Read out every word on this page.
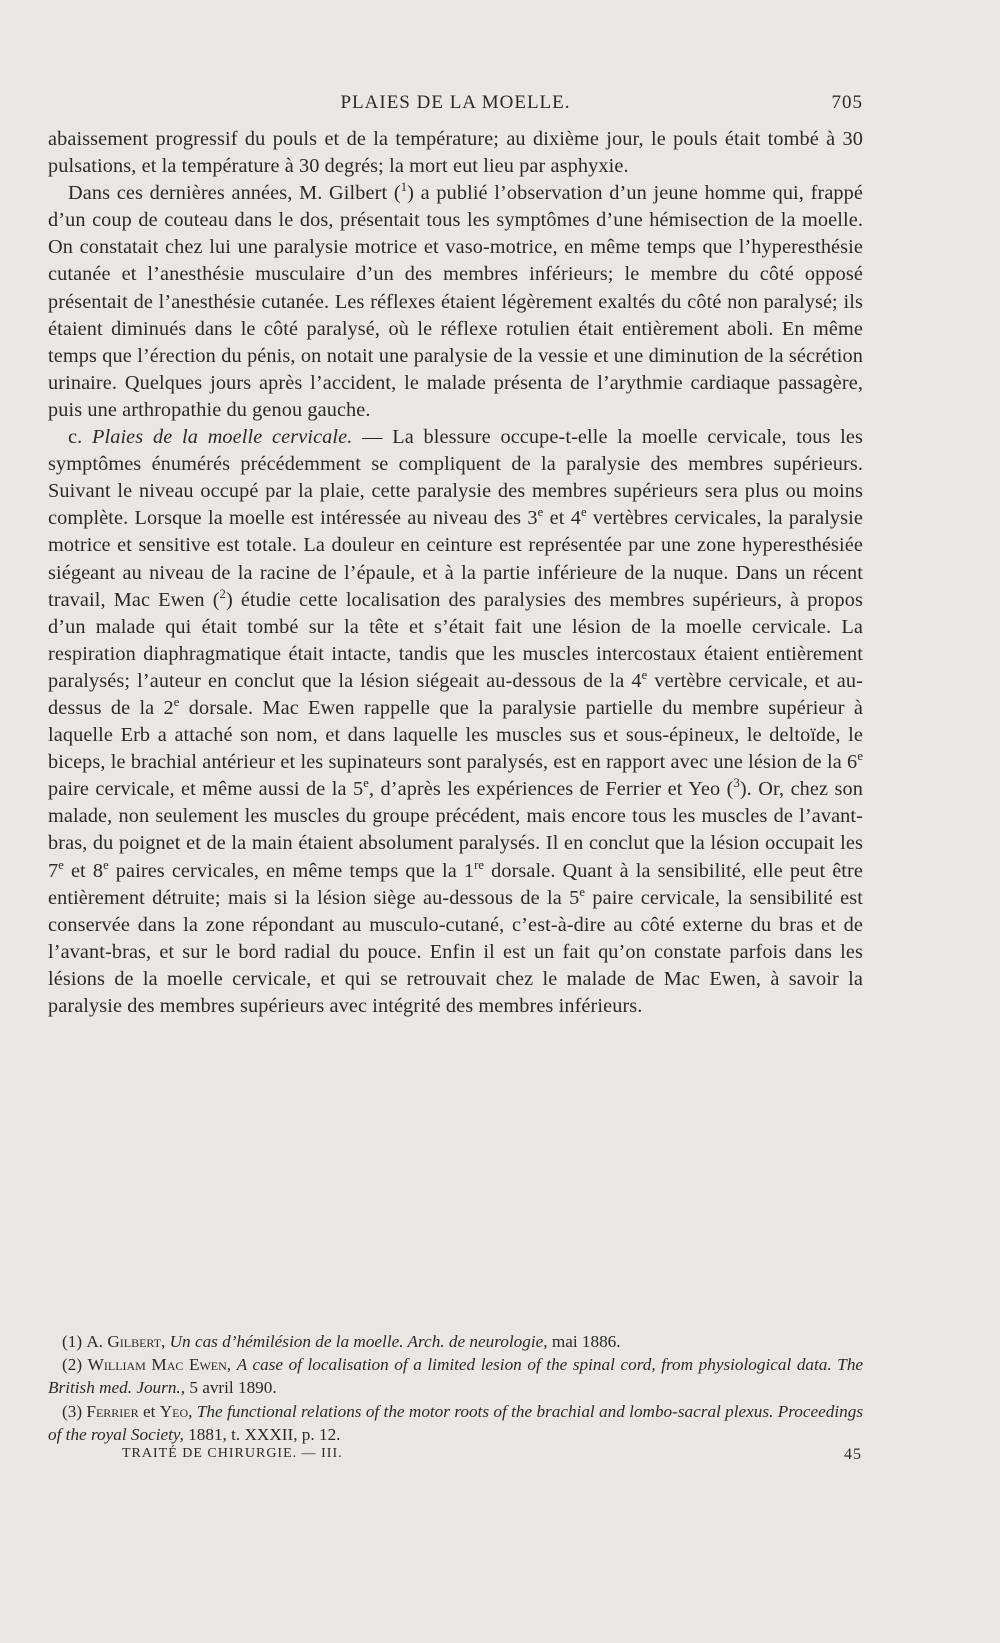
PLAIES DE LA MOELLE.	705

abaissement progressif du pouls et de la température; au dixième jour, le pouls était tombé à 30 pulsations, et la température à 30 degrés; la mort eut lieu par asphyxie.

Dans ces dernières années, M. Gilbert ($^1$) a publié l’observation d’un jeune homme qui, frappé d’un coup de couteau dans le dos, présentait tous les symptômes d’une hémisection de la moelle. On constatait chez lui une paralysie motrice et vaso-motrice, en même temps que l’hyperesthésie cutanée et l’anesthésie musculaire d’un des membres inférieurs; le membre du côté opposé présentait de l’anesthésie cutanée. Les réflexes étaient légèrement exaltés du côté non paralysé; ils étaient diminués dans le côté paralysé, où le réflexe rotulien était entièrement aboli. En même temps que l’érection du pénis, on notait une paralysie de la vessie et une diminution de la sécrétion urinaire. Quelques jours après l’accident, le malade présenta de l’arythmie cardiaque passagère, puis une arthropathie du genou gauche.

c. Plaies de la moelle cervicale. — La blessure occupe-t-elle la moelle cervicale, tous les symptômes énumérés précédemment se compliquent de la paralysie des membres supérieurs. Suivant le niveau occupé par la plaie, cette paralysie des membres supérieurs sera plus ou moins complète. Lorsque la moelle est intéressée au niveau des 3e et 4e vertèbres cervicales, la paralysie motrice et sensitive est totale. La douleur en ceinture est représentée par une zone hyperesthésiée siégeant au niveau de la racine de l’épaule, et à la partie inférieure de la nuque. Dans un récent travail, Mac Ewen ($^2$) étudie cette localisation des paralysies des membres supérieurs, à propos d’un malade qui était tombé sur la tête et s’était fait une lésion de la moelle cervicale. La respiration diaphragmatique était intacte, tandis que les muscles intercostaux étaient entièrement paralysés; l’auteur en conclut que la lésion siégeait au-dessous de la 4e vertèbre cervicale, et au-dessus de la 2e dorsale. Mac Ewen rappelle que la paralysie partielle du membre supérieur à laquelle Erb a attaché son nom, et dans laquelle les muscles sus et sous-épineux, le deltoïde, le biceps, le brachial antérieur et les supinateurs sont paralysés, est en rapport avec une lésion de la 6e paire cervicale, et même aussi de la 5e, d’après les expériences de Ferrier et Yeo ($^3$). Or, chez son malade, non seulement les muscles du groupe précédent, mais encore tous les muscles de l’avant-bras, du poignet et de la main étaient absolument paralysés. Il en conclut que la lésion occupait les 7e et 8e paires cervicales, en même temps que la 1re dorsale. Quant à la sensibilité, elle peut être entièrement détruite; mais si la lésion siège au-dessous de la 5e paire cervicale, la sensibilité est conservée dans la zone répondant au musculo-cutané, c’est-à-dire au côté externe du bras et de l’avant-bras, et sur le bord radial du pouce. Enfin il est un fait qu’on constate parfois dans les lésions de la moelle cervicale, et qui se retrouvait chez le malade de Mac Ewen, à savoir la paralysie des membres supérieurs avec intégrité des membres inférieurs.

(1) A. Gilbert, Un cas d’hémilésion de la moelle. Arch. de neurologie, mai 1886.

(2) William Mac Ewen, A case of localisation of a limited lesion of the spinal cord, from physiological data. The British med. Journ., 5 avril 1890.

(3) Ferrier et Yeo, The functional relations of the motor roots of the brachial and lombo-sacral plexus. Proceedings of the royal Society, 1881, t. XXXII, p. 12.

TRAITÉ DE CHIRURGIE. — III.	45
